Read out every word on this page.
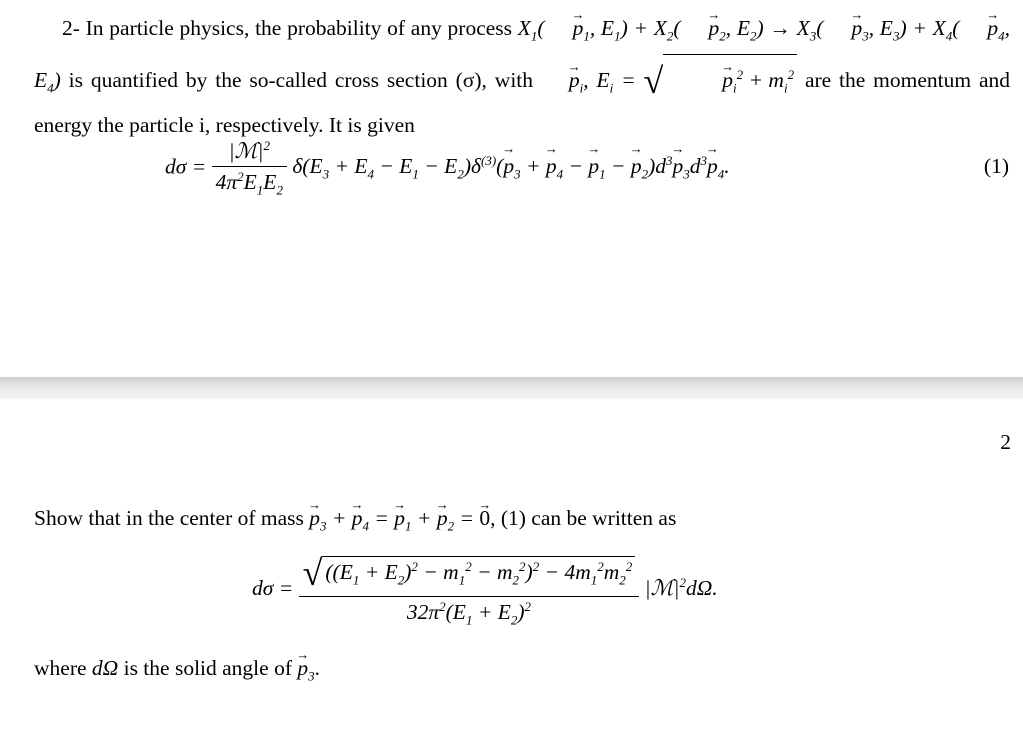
2- In particle physics, the probability of any process $X_1( \to p_1$, $E_1) + X_2( \to p_2$, $E_2) \to X_3( \to p_3$, $E_3) + X_4( \to p_4$, $E_4$) is quantified by the so-called cross section (σ), with → $p_i$, $E_i$ = √	→ $p_i^2 + m_i^2$ are the momentum and energy the particle i, respectively. It is given
$d\sigma = \frac{|ℳ|^2}{4\pi^2E_1E_2} \delta(E_3 + E_4 - E_1 - E_2)\delta^{(3)}(\to p_3$ + → $p_4$ − → $p_1$ − → $p_2)d^3\to p_3d^3\to p_4$.	(1)
2
Show that in the center of mass → $p_3$ + → $p_4$ = → $p_1$ + → $p_2$ = → 0, (1) can be written as
$d\sigma = \frac{√ ((E_1 + E_2)^2 - m_1^2 - m_2^2)^2 - 4m_1^2m_2^2}{32\pi^2(E_1 + E_2)^2}$ $|ℳ|^2d\Omega$.
where dΩ is the solid angle of → $p_3$.
